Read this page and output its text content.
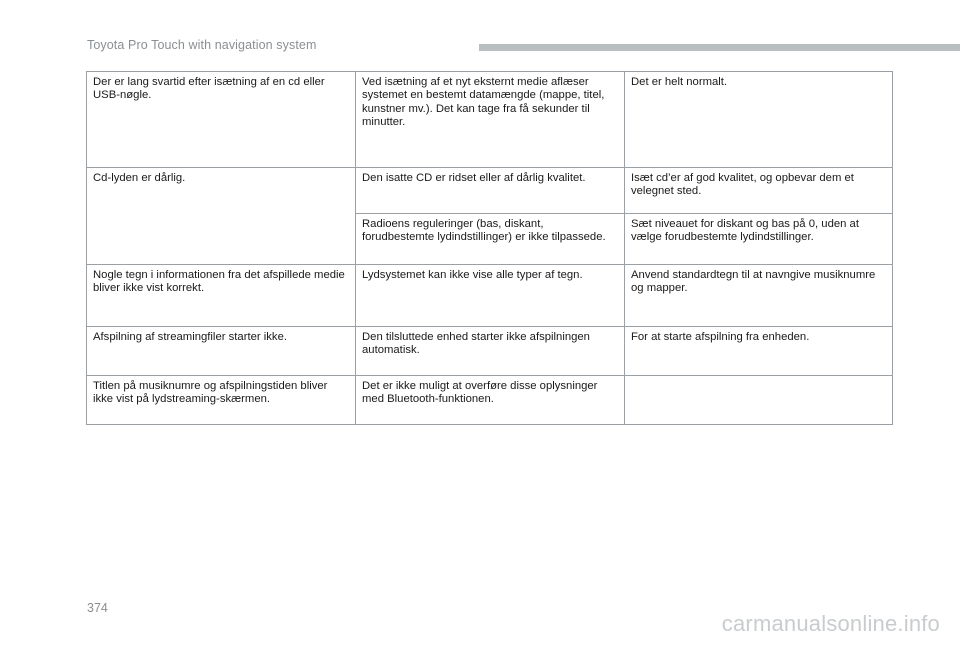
Toyota Pro Touch with navigation system
Der er lang svartid efter isætning af en cd eller USB-nøgle.	Ved isætning af et nyt eksternt medie aflæser systemet en bestemt datamængde (mappe, titel, kunstner mv.). Det kan tage fra få sekunder til minutter.	Det er helt normalt.
Cd-lyden er dårlig.	Den isatte CD er ridset eller af dårlig kvalitet.	Isæt cd’er af god kvalitet, og opbevar dem et velegnet sted.
	Radioens reguleringer (bas, diskant, forudbestemte lydindstillinger) er ikke tilpassede.	Sæt niveauet for diskant og bas på 0, uden at vælge forudbestemte lydindstillinger.
Nogle tegn i informationen fra det afspillede medie bliver ikke vist korrekt.	Lydsystemet kan ikke vise alle typer af tegn.	Anvend standardtegn til at navngive musiknumre og mapper.
Afspilning af streamingfiler starter ikke.	Den tilsluttede enhed starter ikke afspilningen automatisk.	For at starte afspilning fra enheden.
Titlen på musiknumre og afspilningstiden bliver ikke vist på lydstreaming-skærmen.	Det er ikke muligt at overføre disse oplysninger med Bluetooth-funktionen.	
374
carmanualsonline.info
